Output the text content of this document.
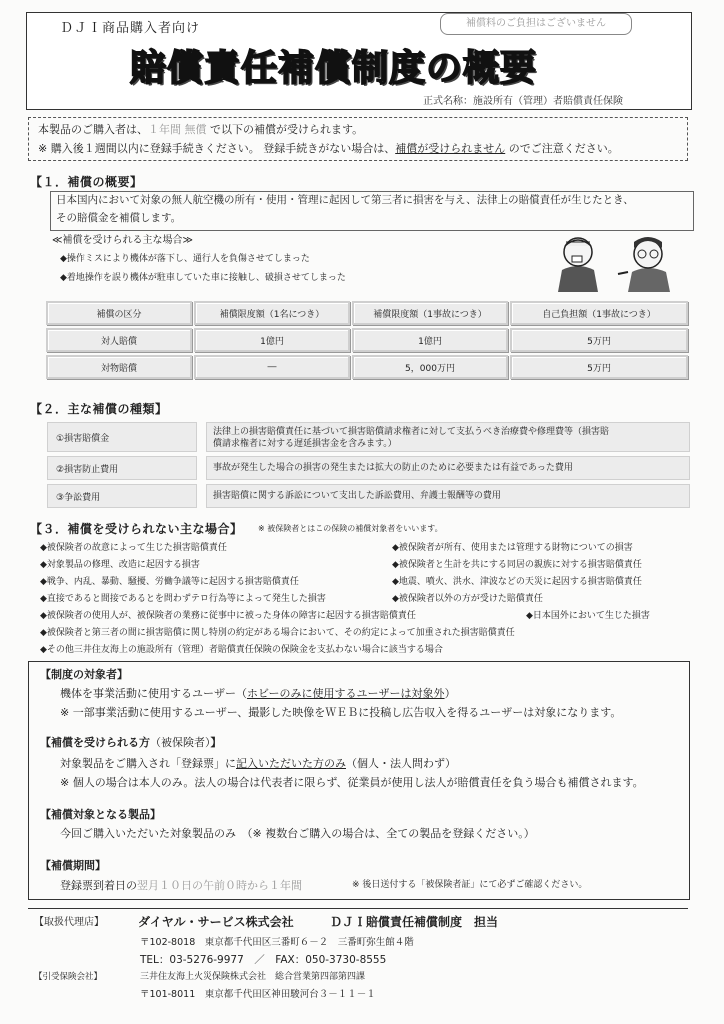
ＤＪＩ商品購入者向け	補償料のご負担はございません
賠償責任補償制度の概要
正式名称：施設所有（管理）者賠償責任保険
本製品のご購入者は、１年間 無償 で以下の補償が受けられます。
※ 購入後１週間以内に登録手続きください。 登録手続きがない場合は、補償が受けられません のでご注意ください。
【１．補償の概要】
日本国内において対象の無人航空機の所有・使用・管理に起因して第三者に損害を与え、法律上の賠償責任が生じたとき、
その賠償金を補償します。
≪補償を受けられる主な場合≫
◆操作ミスにより機体が落下し、通行人を負傷させてしまった
◆着地操作を誤り機体が駐車していた車に接触し、破損させてしまった
補償の区分	補償限度額（1名につき）	補償限度額（1事故につき）	自己負担額（1事故につき）
対人賠償	1億円	1億円	5万円
対物賠償	―	5，000万円	5万円
【２．主な補償の種類】
①損害賠償金
法律上の損害賠償責任に基づいて損害賠償請求権者に対して支払うべき治療費や修理費等（損害賠
償請求権者に対する遅延損害金を含みます。）
②損害防止費用	事故が発生した場合の損害の発生または拡大の防止のために必要または有益であった費用
③争訟費用	損害賠償に関する訴訟について支出した訴訟費用、弁護士報酬等の費用
【３．補償を受けられない主な場合】 ※ 被保険者とはこの保険の補償対象者をいいます。
◆被保険者の故意によって生じた損害賠償責任
◆対象製品の修理、改造に起因する損害
◆戦争、内乱、暴動、騒擾、労働争議等に起因する損害賠償責任
◆直接であると間接であるとを問わずテロ行為等によって発生した損害
◆被保険者の使用人が、被保険者の業務に従事中に被った身体の障害に起因する損害賠償責任
◆被保険者が所有、使用または管理する財物についての損害
◆被保険者と生計を共にする同居の親族に対する損害賠償責任
◆地震、噴火、洪水、津波などの天災に起因する損害賠償責任
◆被保険者以外の方が受けた賠償責任
◆日本国外において生じた損害
◆被保険者と第三者の間に損害賠償に関し特別の約定がある場合において、その約定によって加重された損害賠償責任
◆その他三井住友海上の施設所有（管理）者賠償責任保険の保険金を支払わない場合に該当する場合
【制度の対象者】
機体を事業活動に使用するユーザー（ホビーのみに使用するユーザーは対象外）
※ 一部事業活動に使用するユーザー、撮影した映像をＷＥＢに投稿し広告収入を得るユーザーは対象になります。
【補償を受けられる方（被保険者）】
対象製品をご購入され「登録票」に記入いただいた方のみ（個人・法人問わず）
※ 個人の場合は本人のみ。法人の場合は代表者に限らず、従業員が使用し法人が賠償責任を負う場合も補償されます。
【補償対象となる製品】
今回ご購入いただいた対象製品のみ　（※ 複数台ご購入の場合は、全ての製品を登録ください。）
【補償期間】
登録票到着日の翌月１０日の午前０時から１年間	※ 後日送付する「被保険者証」にて必ずご確認ください。
【取扱代理店】	ダイヤル・サービス株式会社	ＤＪＩ賠償責任補償制度　担当
〒102-8018　東京都千代田区三番町６－２　三番町弥生館４階
TEL：03-5276-9977　／　FAX：050-3730-8555
【引受保険会社】	三井住友海上火災保険株式会社　総合営業第四部第四課
〒101-8011　東京都千代田区神田駿河台３－１１－１
